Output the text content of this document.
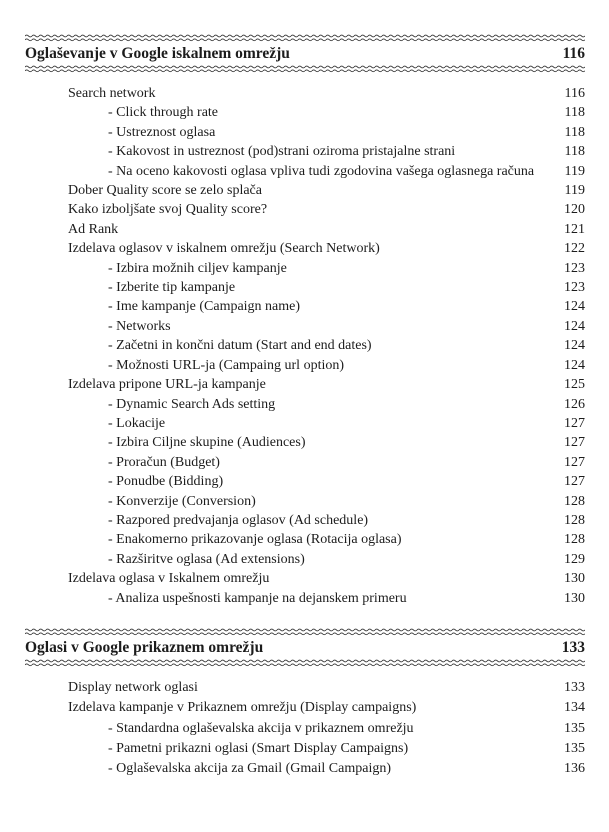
Oglaševanje v Google iskalnem omrežju	116
Search network	116
- Click through rate	118
- Ustreznost oglasa	118
- Kakovost in ustreznost (pod)strani oziroma pristajalne strani	118
- Na oceno kakovosti oglasa vpliva tudi zgodovina vašega oglasnega računa	119
Dober Quality score se zelo splača	119
Kako izboljšate svoj Quality score?	120
Ad Rank	121
Izdelava oglasov v iskalnem omrežju (Search Network)	122
- Izbira možnih ciljev kampanje	123
- Izberite tip kampanje	123
- Ime kampanje (Campaign name)	124
- Networks	124
- Začetni in končni datum (Start and end dates)	124
- Možnosti URL-ja (Campaing url option)	124
Izdelava pripone URL-ja kampanje	125
- Dynamic Search Ads setting	126
- Lokacije	127
- Izbira Ciljne skupine (Audiences)	127
- Proračun (Budget)	127
- Ponudbe (Bidding)	127
- Konverzije (Conversion)	128
- Razpored predvajanja oglasov (Ad schedule)	128
- Enakomerno prikazovanje oglasa (Rotacija oglasa)	128
- Razširitve oglasa (Ad extensions)	129
Izdelava oglasa v Iskalnem omrežju	130
- Analiza uspešnosti kampanje na dejanskem primeru	130
Oglasi v Google prikaznem omrežju	133
Display network oglasi	133
Izdelava kampanje v Prikaznem omrežju (Display campaigns)	134
- Standardna oglaševalska akcija v prikaznem omrežju	135
- Pametni prikazni oglasi (Smart Display Campaigns)	135
- Oglaševalska akcija za Gmail (Gmail Campaign)	136
